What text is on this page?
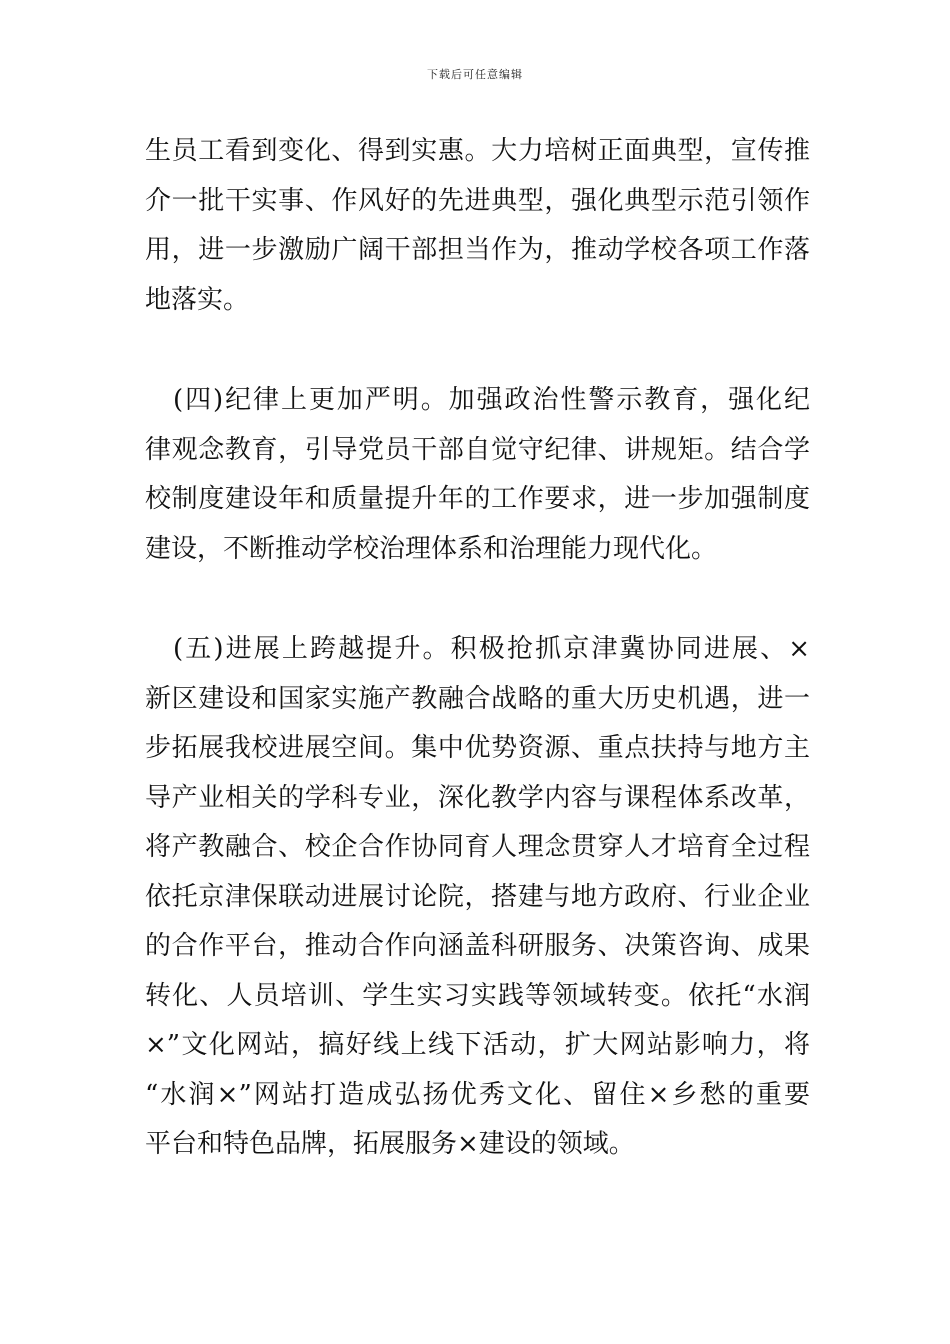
下载后可任意编辑
生员工看到变化、得到实惠。大力培树正面典型，宣传推
介一批干实事、作风好的先进典型，强化典型示范引领作
用，进一步激励广阔干部担当作为，推动学校各项工作落
地落实。
(四)纪律上更加严明。加强政治性警示教育，强化纪
律观念教育，引导党员干部自觉守纪律、讲规矩。结合学
校制度建设年和质量提升年的工作要求，进一步加强制度
建设，不断推动学校治理体系和治理能力现代化。
(五)进展上跨越提升。积极抢抓京津冀协同进展、×
新区建设和国家实施产教融合战略的重大历史机遇，进一
步拓展我校进展空间。集中优势资源、重点扶持与地方主
导产业相关的学科专业，深化教学内容与课程体系改革，
将产教融合、校企合作协同育人理念贯穿人才培育全过程
依托京津保联动进展讨论院，搭建与地方政府、行业企业
的合作平台，推动合作向涵盖科研服务、决策咨询、成果
转化、人员培训、学生实习实践等领域转变。依托“水润
×”文化网站，搞好线上线下活动，扩大网站影响力，将
“水润×”网站打造成弘扬优秀文化、留住×乡愁的重要
平台和特色品牌，拓展服务×建设的领域。
